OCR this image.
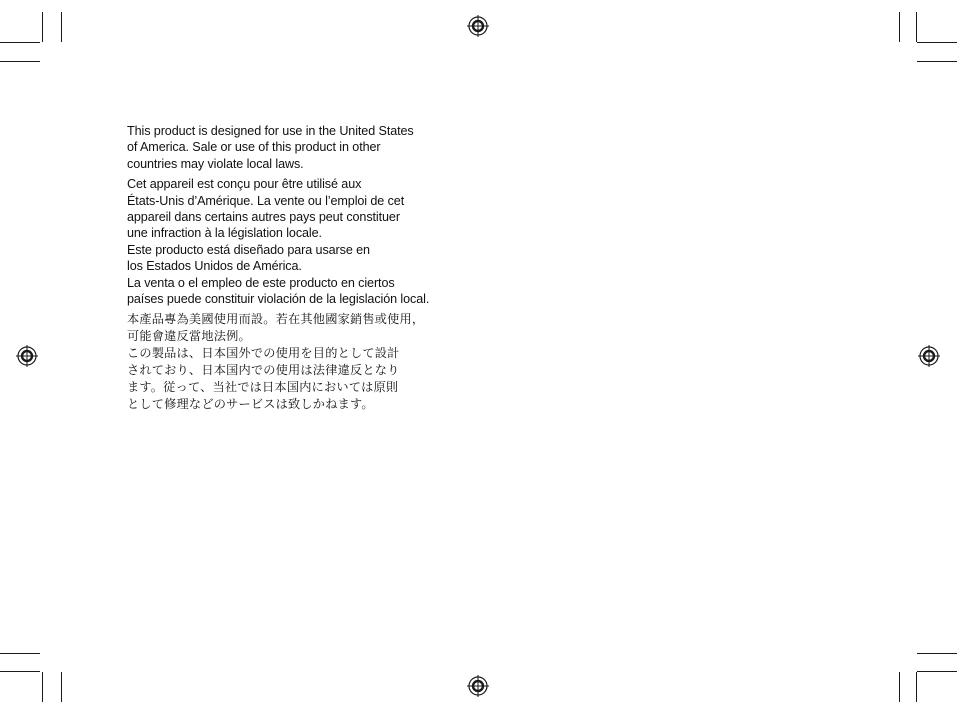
This product is designed for use in the United States

of America. Sale or use of this product in other

countries may violate local laws.

Cet appareil est conçu pour être utilisé aux

États-Unis d’Amérique. La vente ou l’emploi de cet

appareil dans certains autres pays peut constituer

une infraction à la législation locale.

Este producto está diseñado para usarse en

los Estados Unidos de América.

La venta o el empleo de este producto en ciertos

países puede constituir violación de la legislación local.

本產品專為美國使用而設。若在其他國家銷售或使用，

可能會違反當地法例。

この製品は、日本国外での使用を目的として設計

されており、日本国内での使用は法律違反となり

ます。従って、当社では日本国内においては原則

として修理などのサービスは致しかねます。
